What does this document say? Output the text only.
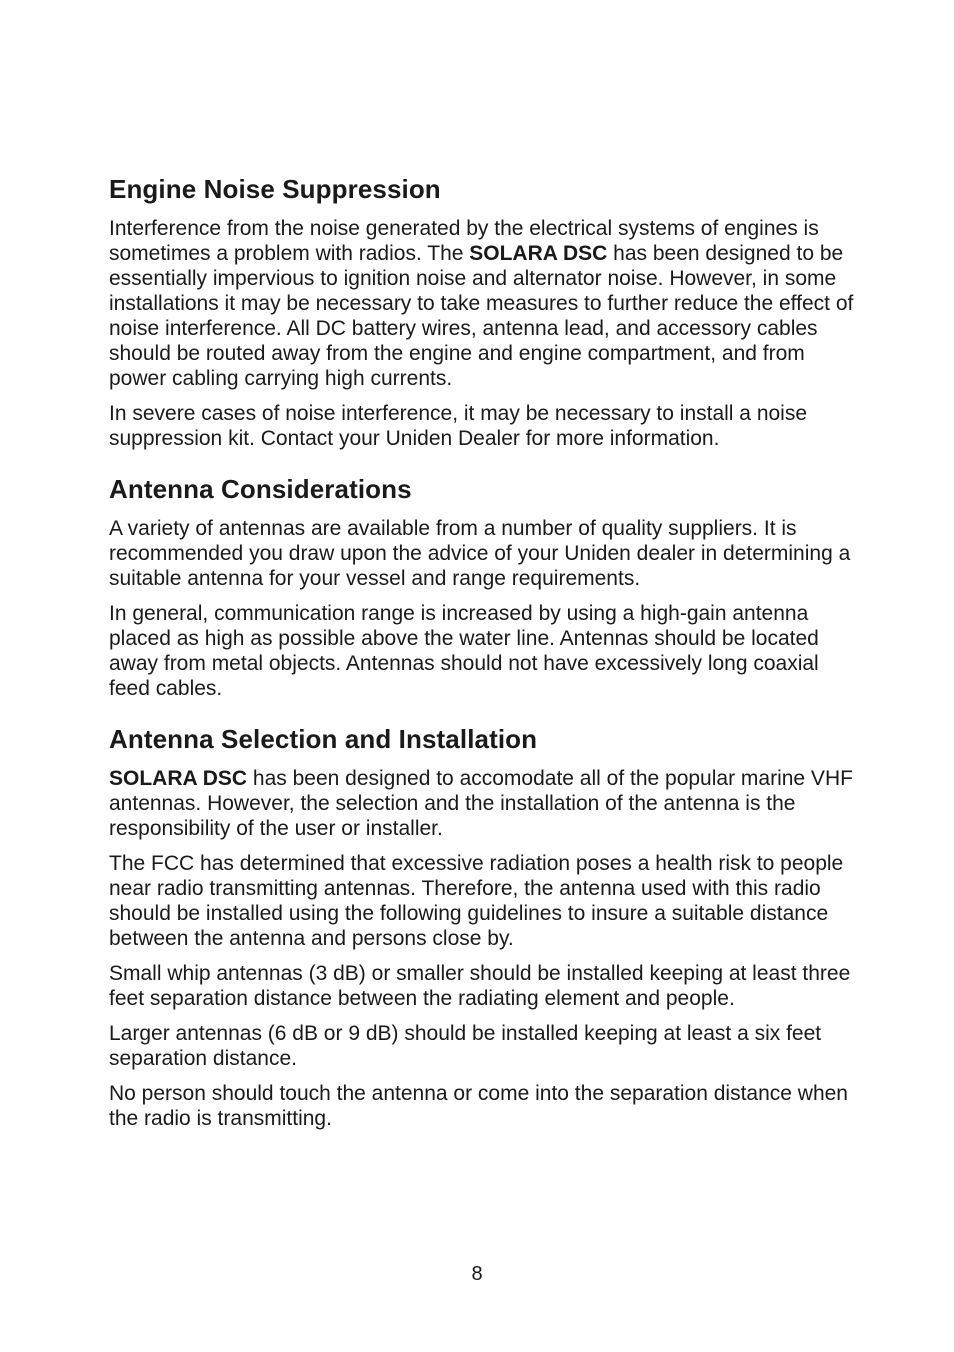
Engine Noise Suppression

Interference from the noise generated by the electrical systems of engines is sometimes a problem with radios. The SOLARA DSC has been designed to be essentially impervious to ignition noise and alternator noise. However, in some installations it may be necessary to take measures to further reduce the effect of noise interference. All DC battery wires, antenna lead, and accessory cables should be routed away from the engine and engine compartment, and from power cabling carrying high currents.

In severe cases of noise interference, it may be necessary to install a noise suppression kit. Contact your Uniden Dealer for more information.

Antenna Considerations

A variety of antennas are available from a number of quality suppliers. It is recommended you draw upon the advice of your Uniden dealer in determining a suitable antenna for your vessel and range requirements.

In general, communication range is increased by using a high-gain antenna placed as high as possible above the water line. Antennas should be located away from metal objects. Antennas should not have excessively long coaxial feed cables.

Antenna Selection and Installation

SOLARA DSC has been designed to accomodate all of the popular marine VHF antennas. However, the selection and the installation of the antenna is the responsibility of the user or installer.

The FCC has determined that excessive radiation poses a health risk to people near radio transmitting antennas. Therefore, the antenna used with this radio should be installed using the following guidelines to insure a suitable distance between the antenna and persons close by.

Small whip antennas (3 dB) or smaller should be installed keeping at least three feet separation distance between the radiating element and people.

Larger antennas (6 dB or 9 dB) should be installed keeping at least a six feet separation distance.

No person should touch the antenna or come into the separation distance when the radio is transmitting.

8
